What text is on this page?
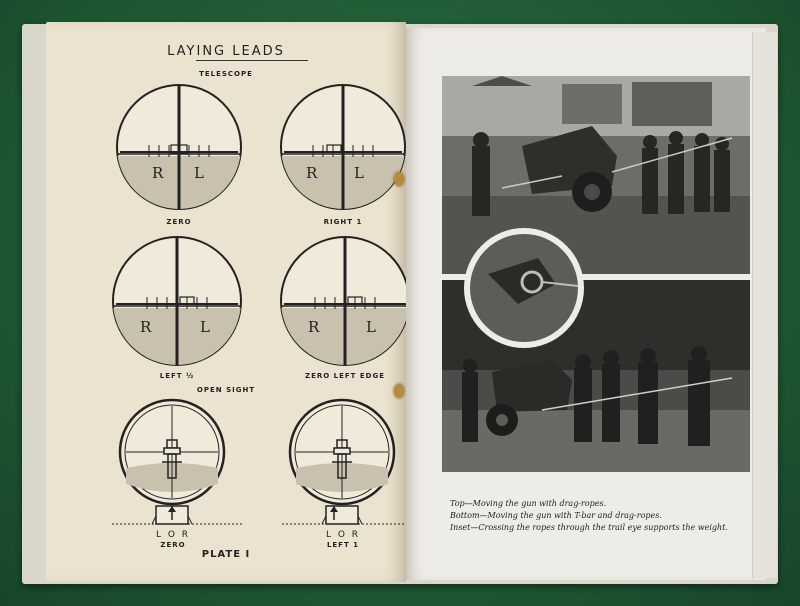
LAYING LEADS
TELESCOPE
R L
ZERO
R L
RIGHT 1
R	L
LEFT ½
R	L
ZERO LEFT EDGE
OPEN SIGHT
L O R
ZERO
L O R
LEFT 1
PLATE I
Top—Moving the gun with drag-ropes.
Bottom—Moving the gun with T-bar and drag-ropes.
Inset—Crossing the ropes through the trail eye supports the weight.
